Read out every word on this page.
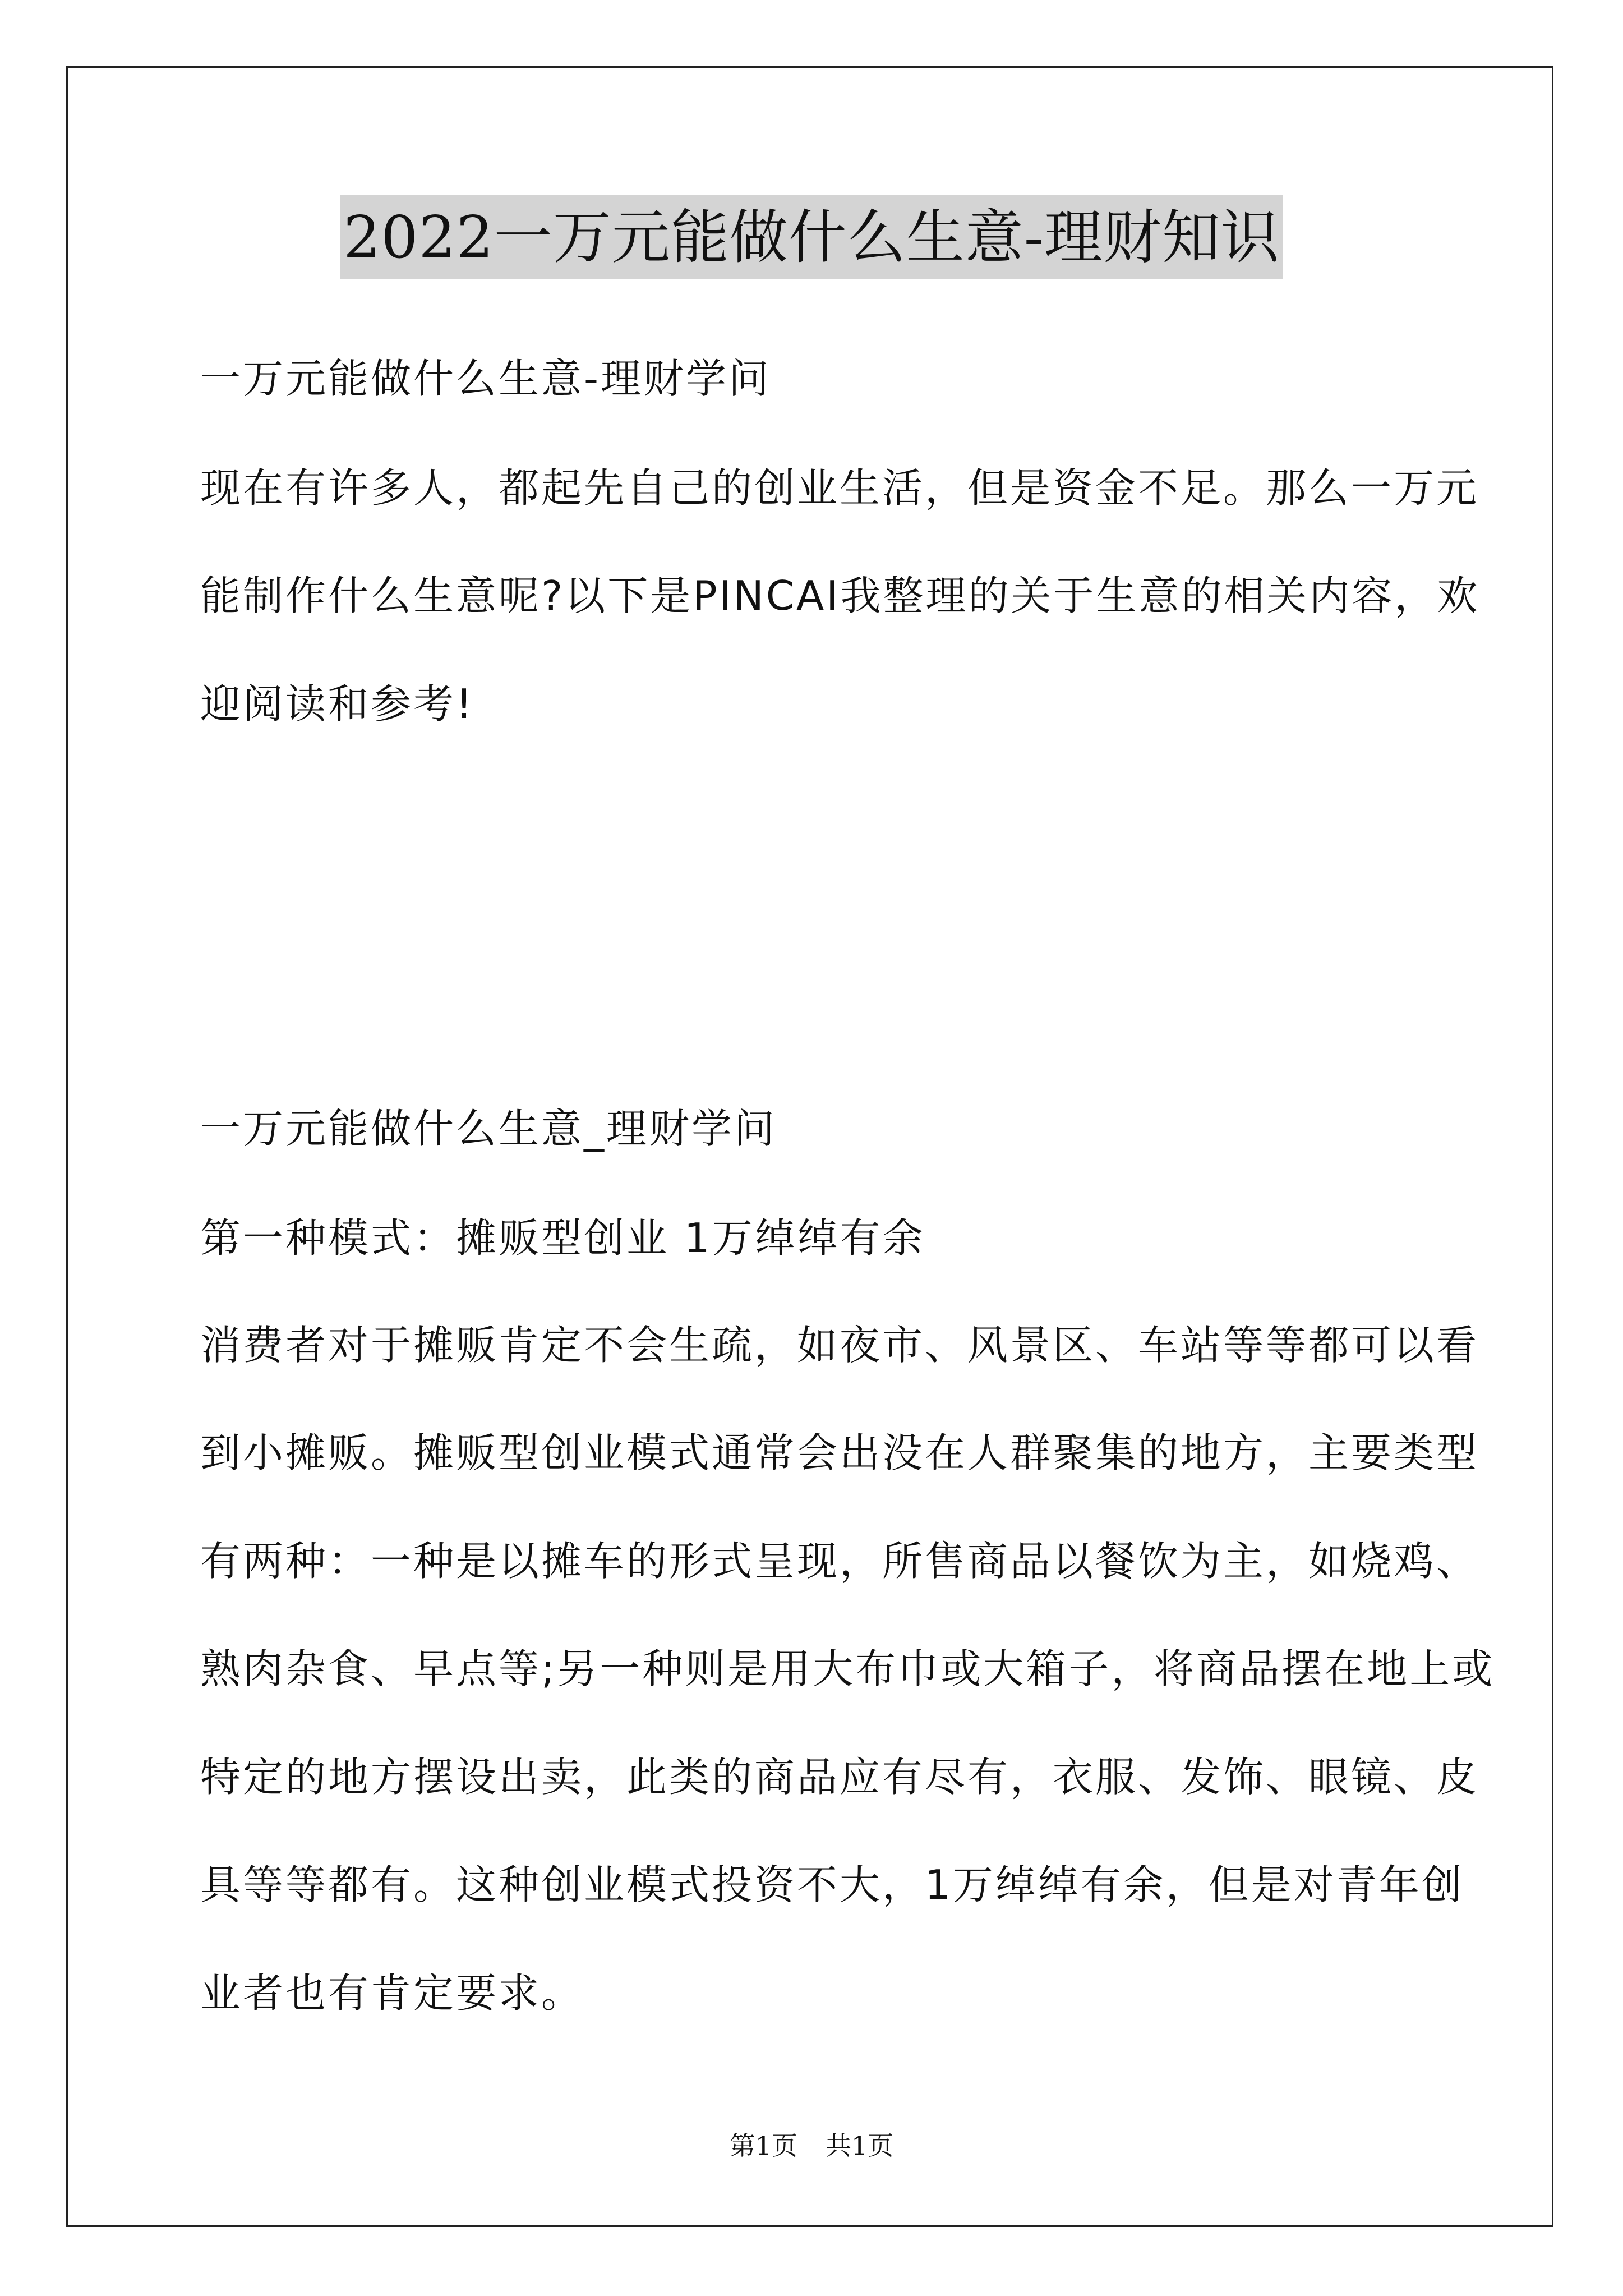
2022一万元能做什么生意-理财知识
一万元能做什么生意-理财学问
现在有许多人，都起先自己的创业生活，但是资金不足。那么一万元
能制作什么生意呢?以下是PINCAI我整理的关于生意的相关内容，欢
迎阅读和参考!
一万元能做什么生意_理财学问
第一种模式：摊贩型创业 1万绰绰有余
消费者对于摊贩肯定不会生疏，如夜市、风景区、车站等等都可以看
到小摊贩。摊贩型创业模式通常会出没在人群聚集的地方，主要类型
有两种：一种是以摊车的形式呈现，所售商品以餐饮为主，如烧鸡、
熟肉杂食、早点等;另一种则是用大布巾或大箱子，将商品摆在地上或
特定的地方摆设出卖，此类的商品应有尽有，衣服、发饰、眼镜、皮
具等等都有。这种创业模式投资不大，1万绰绰有余，但是对青年创
业者也有肯定要求。
第1页 共1页
